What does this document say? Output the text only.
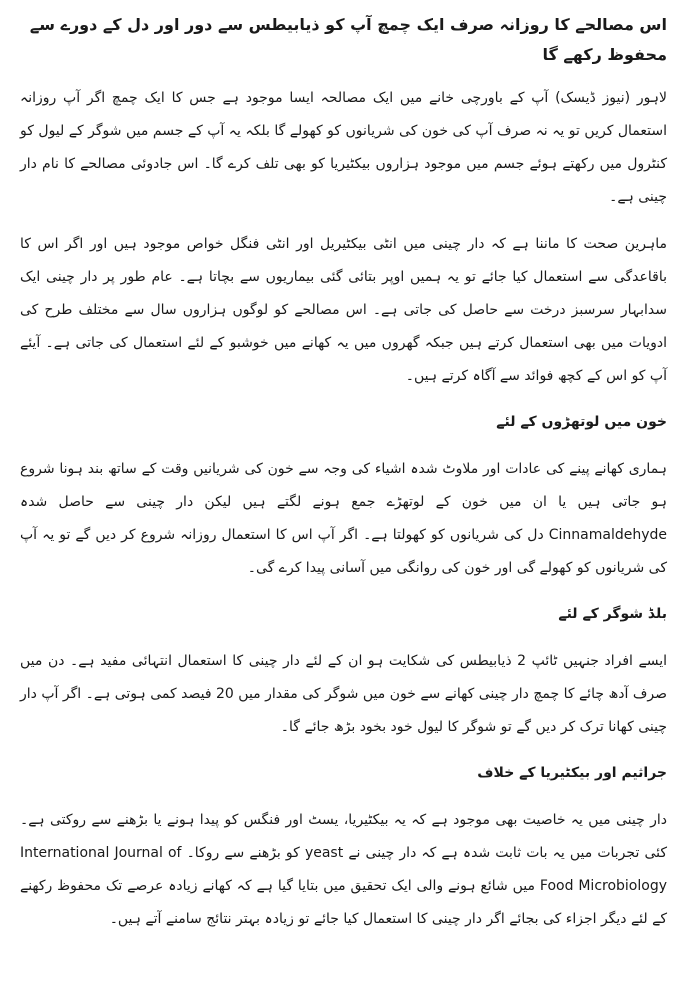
اس مصالحے کا روزانہ صرف ایک چمچ آپ کو ذیابیطس سے دور اور دل کے دورے سے محفوظ رکھے گا

لاہور (نیوز ڈیسک) آپ کے باورچی خانے میں ایک مصالحہ ایسا موجود ہے جس کا ایک چمچ اگر آپ روزانہ استعمال کریں تو یہ نہ صرف آپ کی خون کی شریانوں کو کھولے گا بلکہ یہ آپ کے جسم میں شوگر کے لیول کو کنٹرول میں رکھتے ہوئے جسم میں موجود ہزاروں بیکٹیریا کو بھی تلف کرے گا۔ اس جادوئی مصالحے کا نام دار چینی ہے۔

ماہرین صحت کا ماننا ہے کہ دار چینی میں انٹی بیکٹیریل اور انٹی فنگل خواص موجود ہیں اور اگر اس کا باقاعدگی سے استعمال کیا جائے تو یہ ہمیں اوپر بتائی گئی بیماریوں سے بچاتا ہے۔ عام طور پر دار چینی ایک سدابہار سرسبز درخت سے حاصل کی جاتی ہے۔ اس مصالحے کو لوگوں ہزاروں سال سے مختلف طرح کی ادویات میں بھی استعمال کرتے ہیں جبکہ گھروں میں یہ کھانے میں خوشبو کے لئے استعمال کی جاتی ہے۔ آیئے آپ کو اس کے کچھ فوائد سے آگاہ کرتے ہیں۔

خون میں لوتھڑوں کے لئے

ہماری کھانے پینے کی عادات اور ملاوٹ شدہ اشیاء کی وجہ سے خون کی شریانیں وقت کے ساتھ بند ہونا شروع ہو جاتی ہیں یا ان میں خون کے لوتھڑے جمع ہونے لگتے ہیں لیکن دار چینی سے حاصل شدہ Cinnamaldehyde دل کی شریانوں کو کھولتا ہے۔ اگر آپ اس کا استعمال روزانہ شروع کر دیں گے تو یہ آپ کی شریانوں کو کھولے گی اور خون کی روانگی میں آسانی پیدا کرے گی۔

بلڈ شوگر کے لئے

ایسے افراد جنہیں ٹائپ 2 ذیابیطس کی شکایت ہو ان کے لئے دار چینی کا استعمال انتہائی مفید ہے۔ دن میں صرف آدھ چائے کا چمچ دار چینی کھانے سے خون میں شوگر کی مقدار میں 20 فیصد کمی ہوتی ہے۔ اگر آپ دار چینی کھانا ترک کر دیں گے تو شوگر کا لیول خود بخود بڑھ جائے گا۔

جراثیم اور بیکٹیریا کے خلاف

دار چینی میں یہ خاصیت بھی موجود ہے کہ یہ بیکٹیریا، یسٹ اور فنگس کو پیدا ہونے یا بڑھنے سے روکتی ہے۔ کئی تجربات میں یہ بات ثابت شدہ ہے کہ دار چینی نے yeast کو بڑھنے سے روکا۔ International Journal of Food Microbiology میں شائع ہونے والی ایک تحقیق میں بتایا گیا ہے کہ کھانے زیادہ عرصے تک محفوظ رکھنے کے لئے دیگر اجزاء کی بجائے اگر دار چینی کا استعمال کیا جائے تو زیادہ بہتر نتائج سامنے آتے ہیں۔
